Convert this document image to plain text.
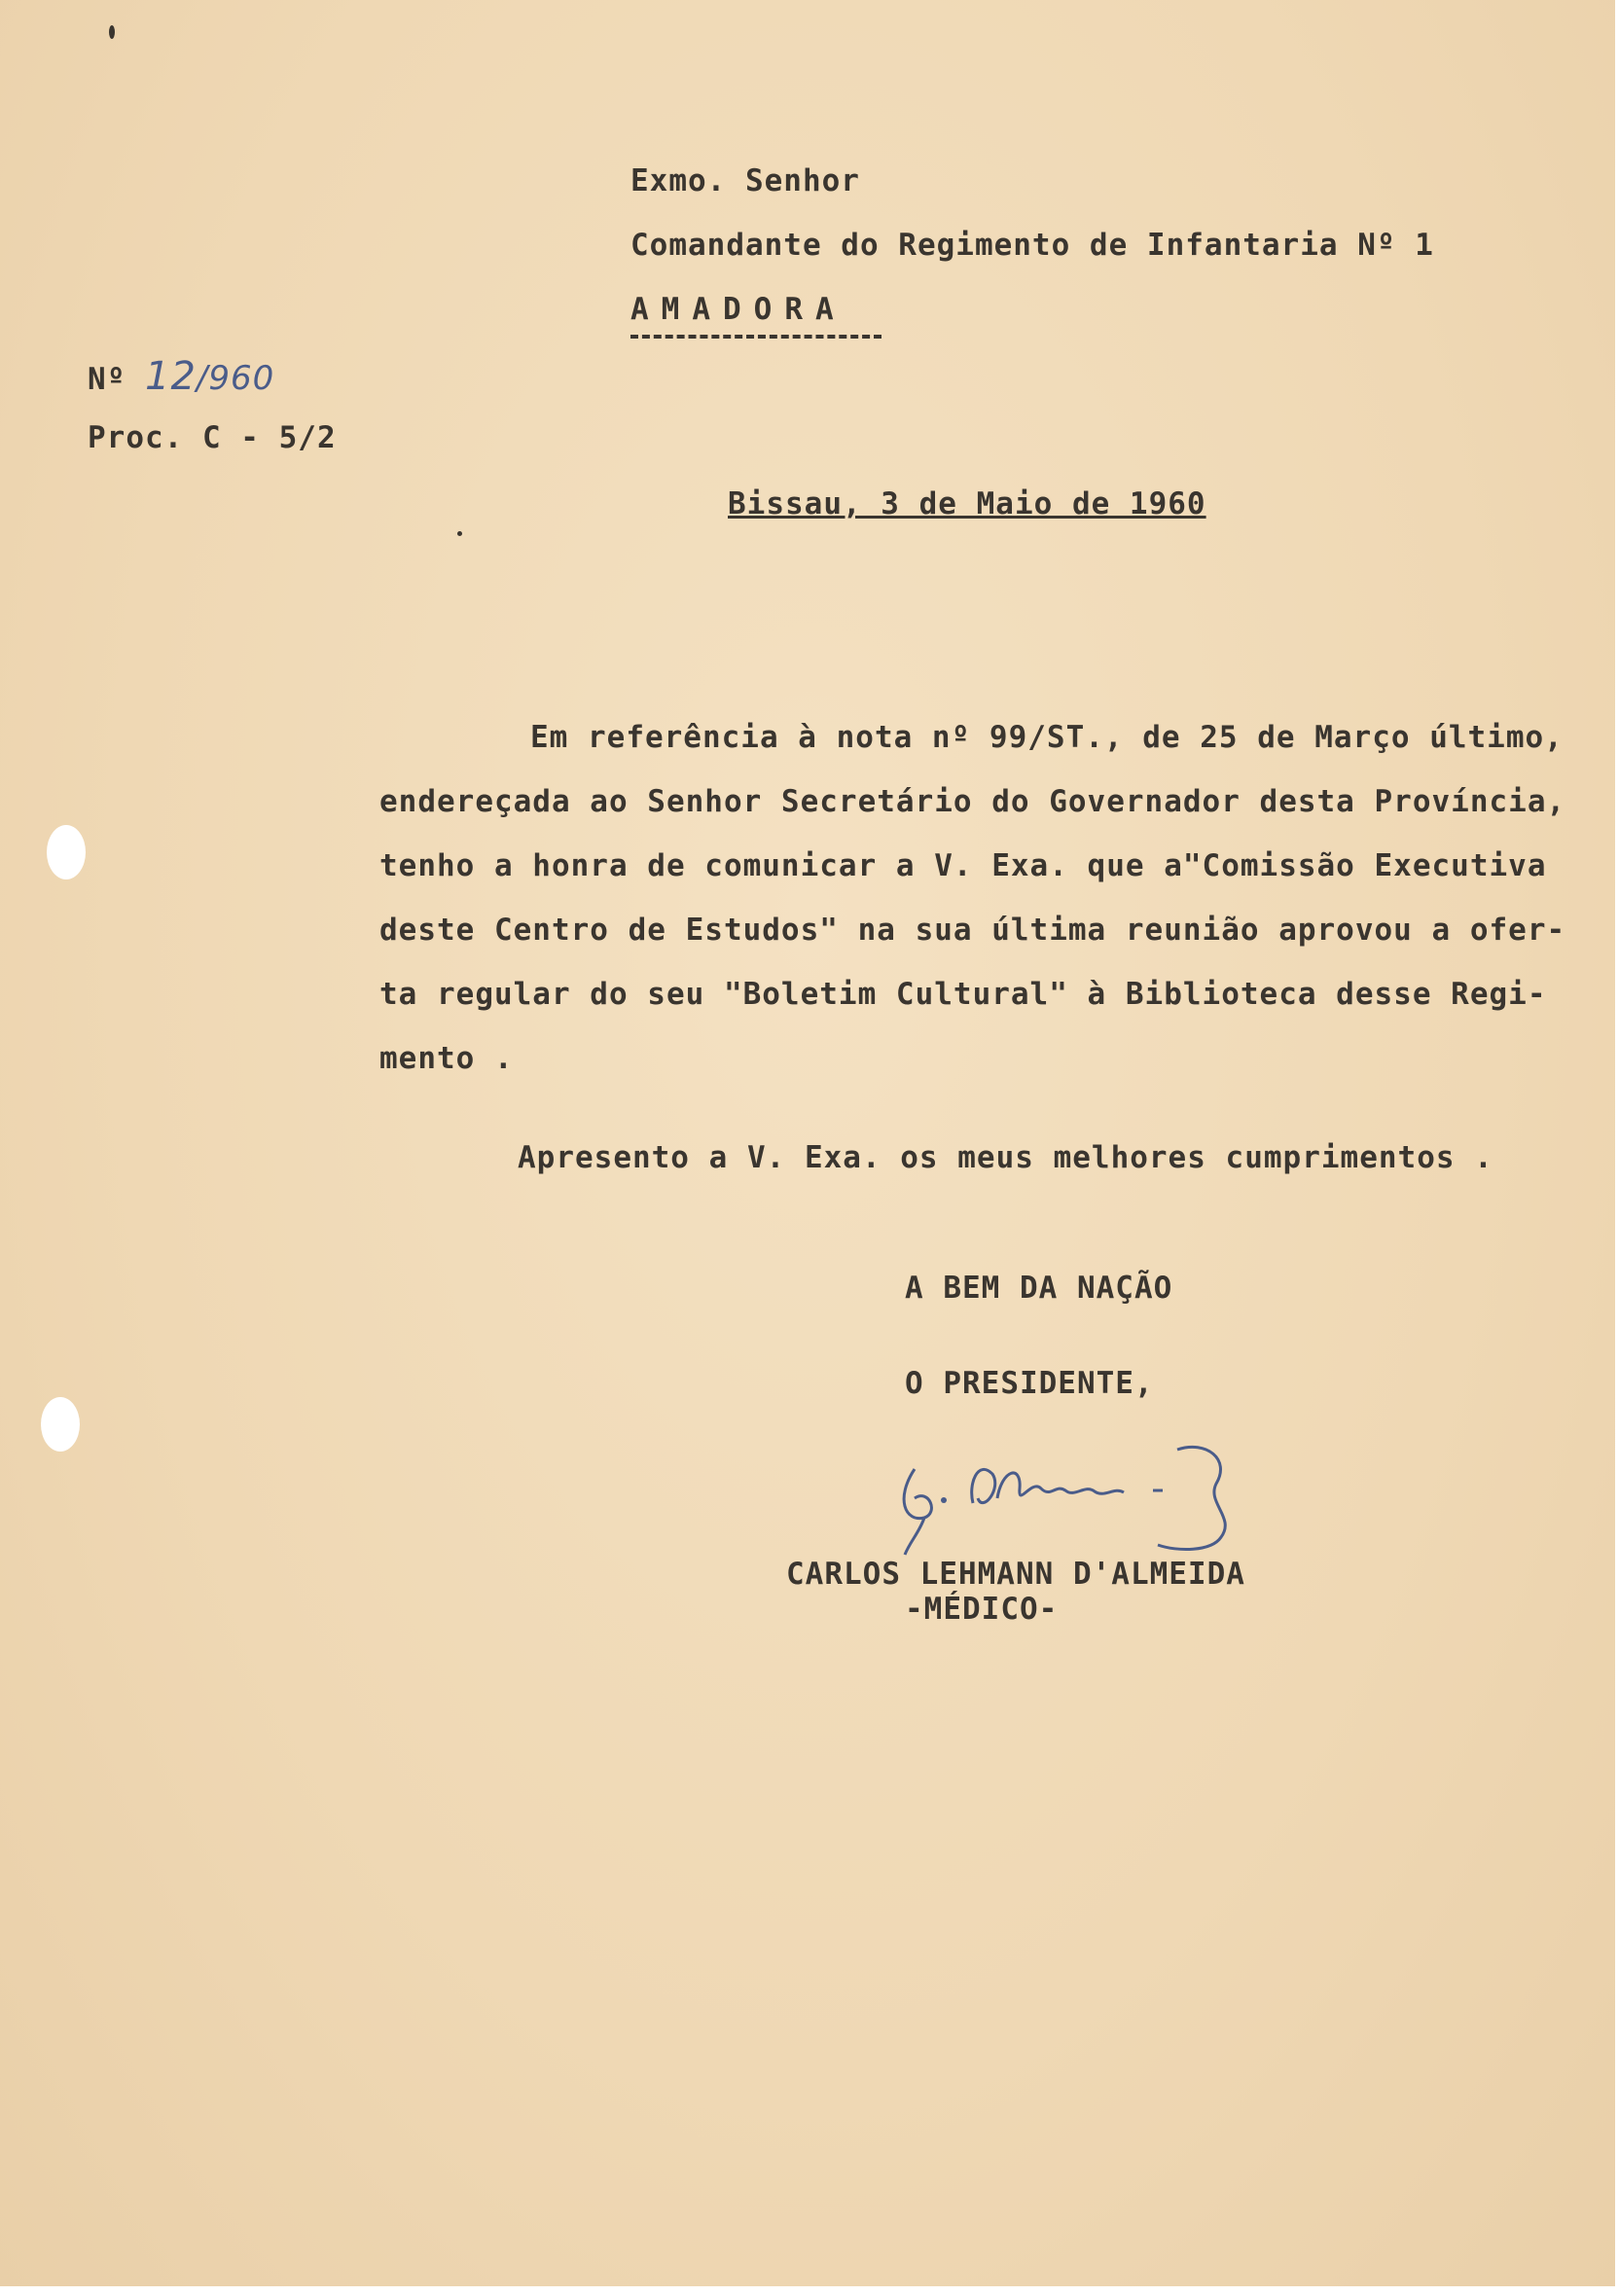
Exmo. Senhor
Comandante do Regimento de Infantaria Nº 1
AMADORA
Nº 12/960
Proc. C - 5/2
Bissau, 3 de Maio de 1960
Em referência à nota nº 99/ST., de 25 de Março último,
endereçada ao Senhor Secretário do Governador desta Província,
tenho a honra de comunicar a V. Exa. que a"Comissão Executiva
deste Centro de Estudos" na sua última reunião aprovou a ofer-
ta regular do seu "Boletim Cultural" à Biblioteca desse Regi-
mento .
Apresento a V. Exa. os meus melhores cumprimentos .
A BEM DA NAÇÃO
O PRESIDENTE,
CARLOS LEHMANN D'ALMEIDA
-MÉDICO-
